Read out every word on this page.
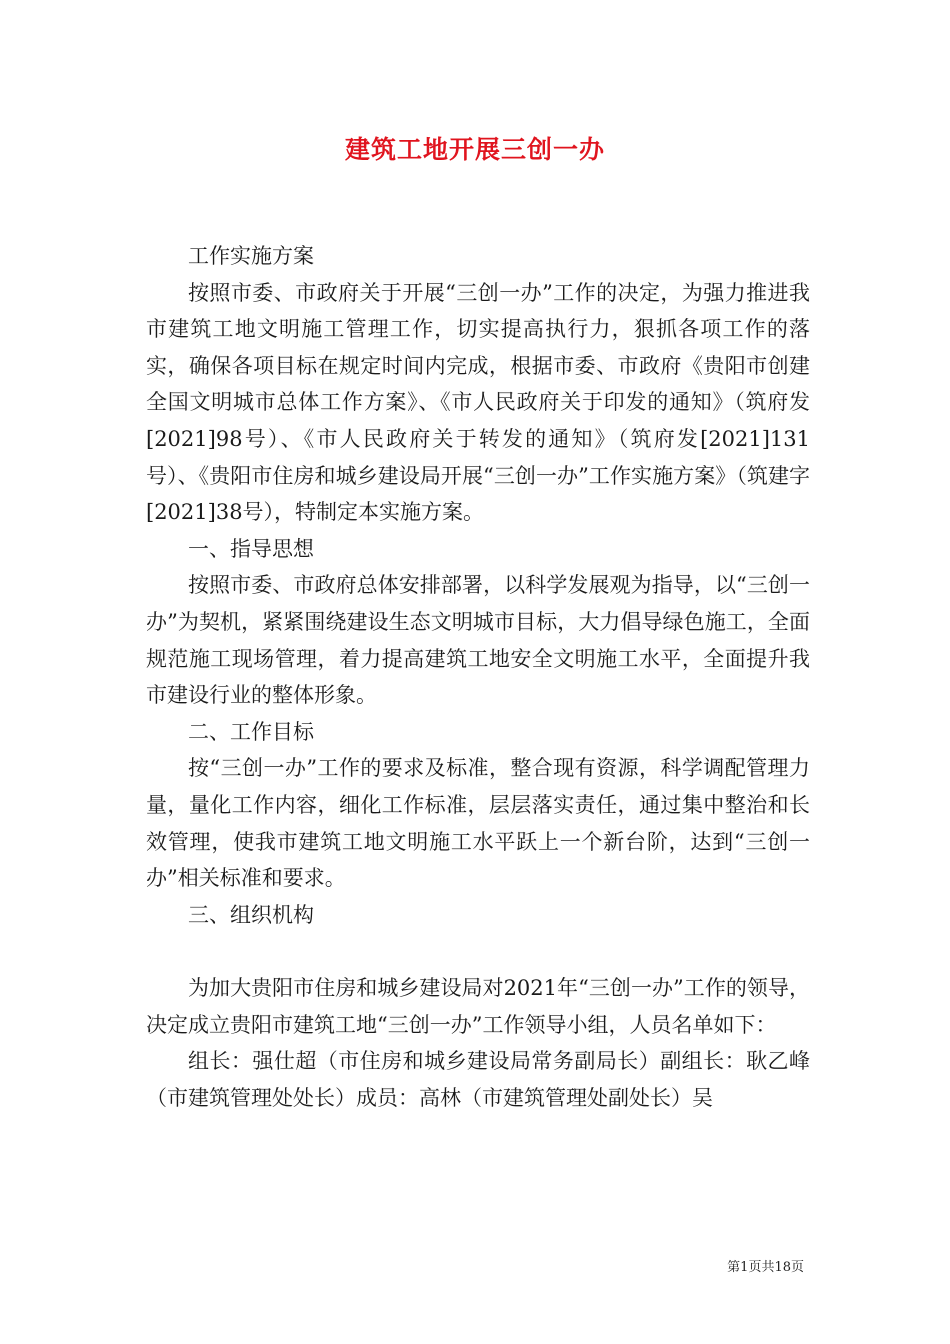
建筑工地开展三创一办

工作实施方案

按照市委、市政府关于开展“三创一办”工作的决定，为强力推进我市建筑工地文明施工管理工作，切实提高执行力，狠抓各项工作的落实，确保各项目标在规定时间内完成，根据市委、市政府《贵阳市创建全国文明城市总体工作方案》、《市人民政府关于印发的通知》（筑府发[2021]98号）、《市人民政府关于转发的通知》（筑府发[2021]131号）、《贵阳市住房和城乡建设局开展“三创一办”工作实施方案》（筑建字[2021]38号），特制定本实施方案。

一、指导思想

按照市委、市政府总体安排部署，以科学发展观为指导，以“三创一办”为契机，紧紧围绕建设生态文明城市目标，大力倡导绿色施工，全面规范施工现场管理，着力提高建筑工地安全文明施工水平，全面提升我市建设行业的整体形象。

二、工作目标

按“三创一办”工作的要求及标准，整合现有资源，科学调配管理力量，量化工作内容，细化工作标准，层层落实责任，通过集中整治和长效管理，使我市建筑工地文明施工水平跃上一个新台阶，达到“三创一办”相关标准和要求。

三、组织机构

为加大贵阳市住房和城乡建设局对2021年“三创一办”工作的领导，决定成立贵阳市建筑工地“三创一办”工作领导小组，人员名单如下：

组长：强仕超（市住房和城乡建设局常务副局长）副组长：耿乙峰（市建筑管理处处长）成员：高林（市建筑管理处副处长）吴

第1页共18页
